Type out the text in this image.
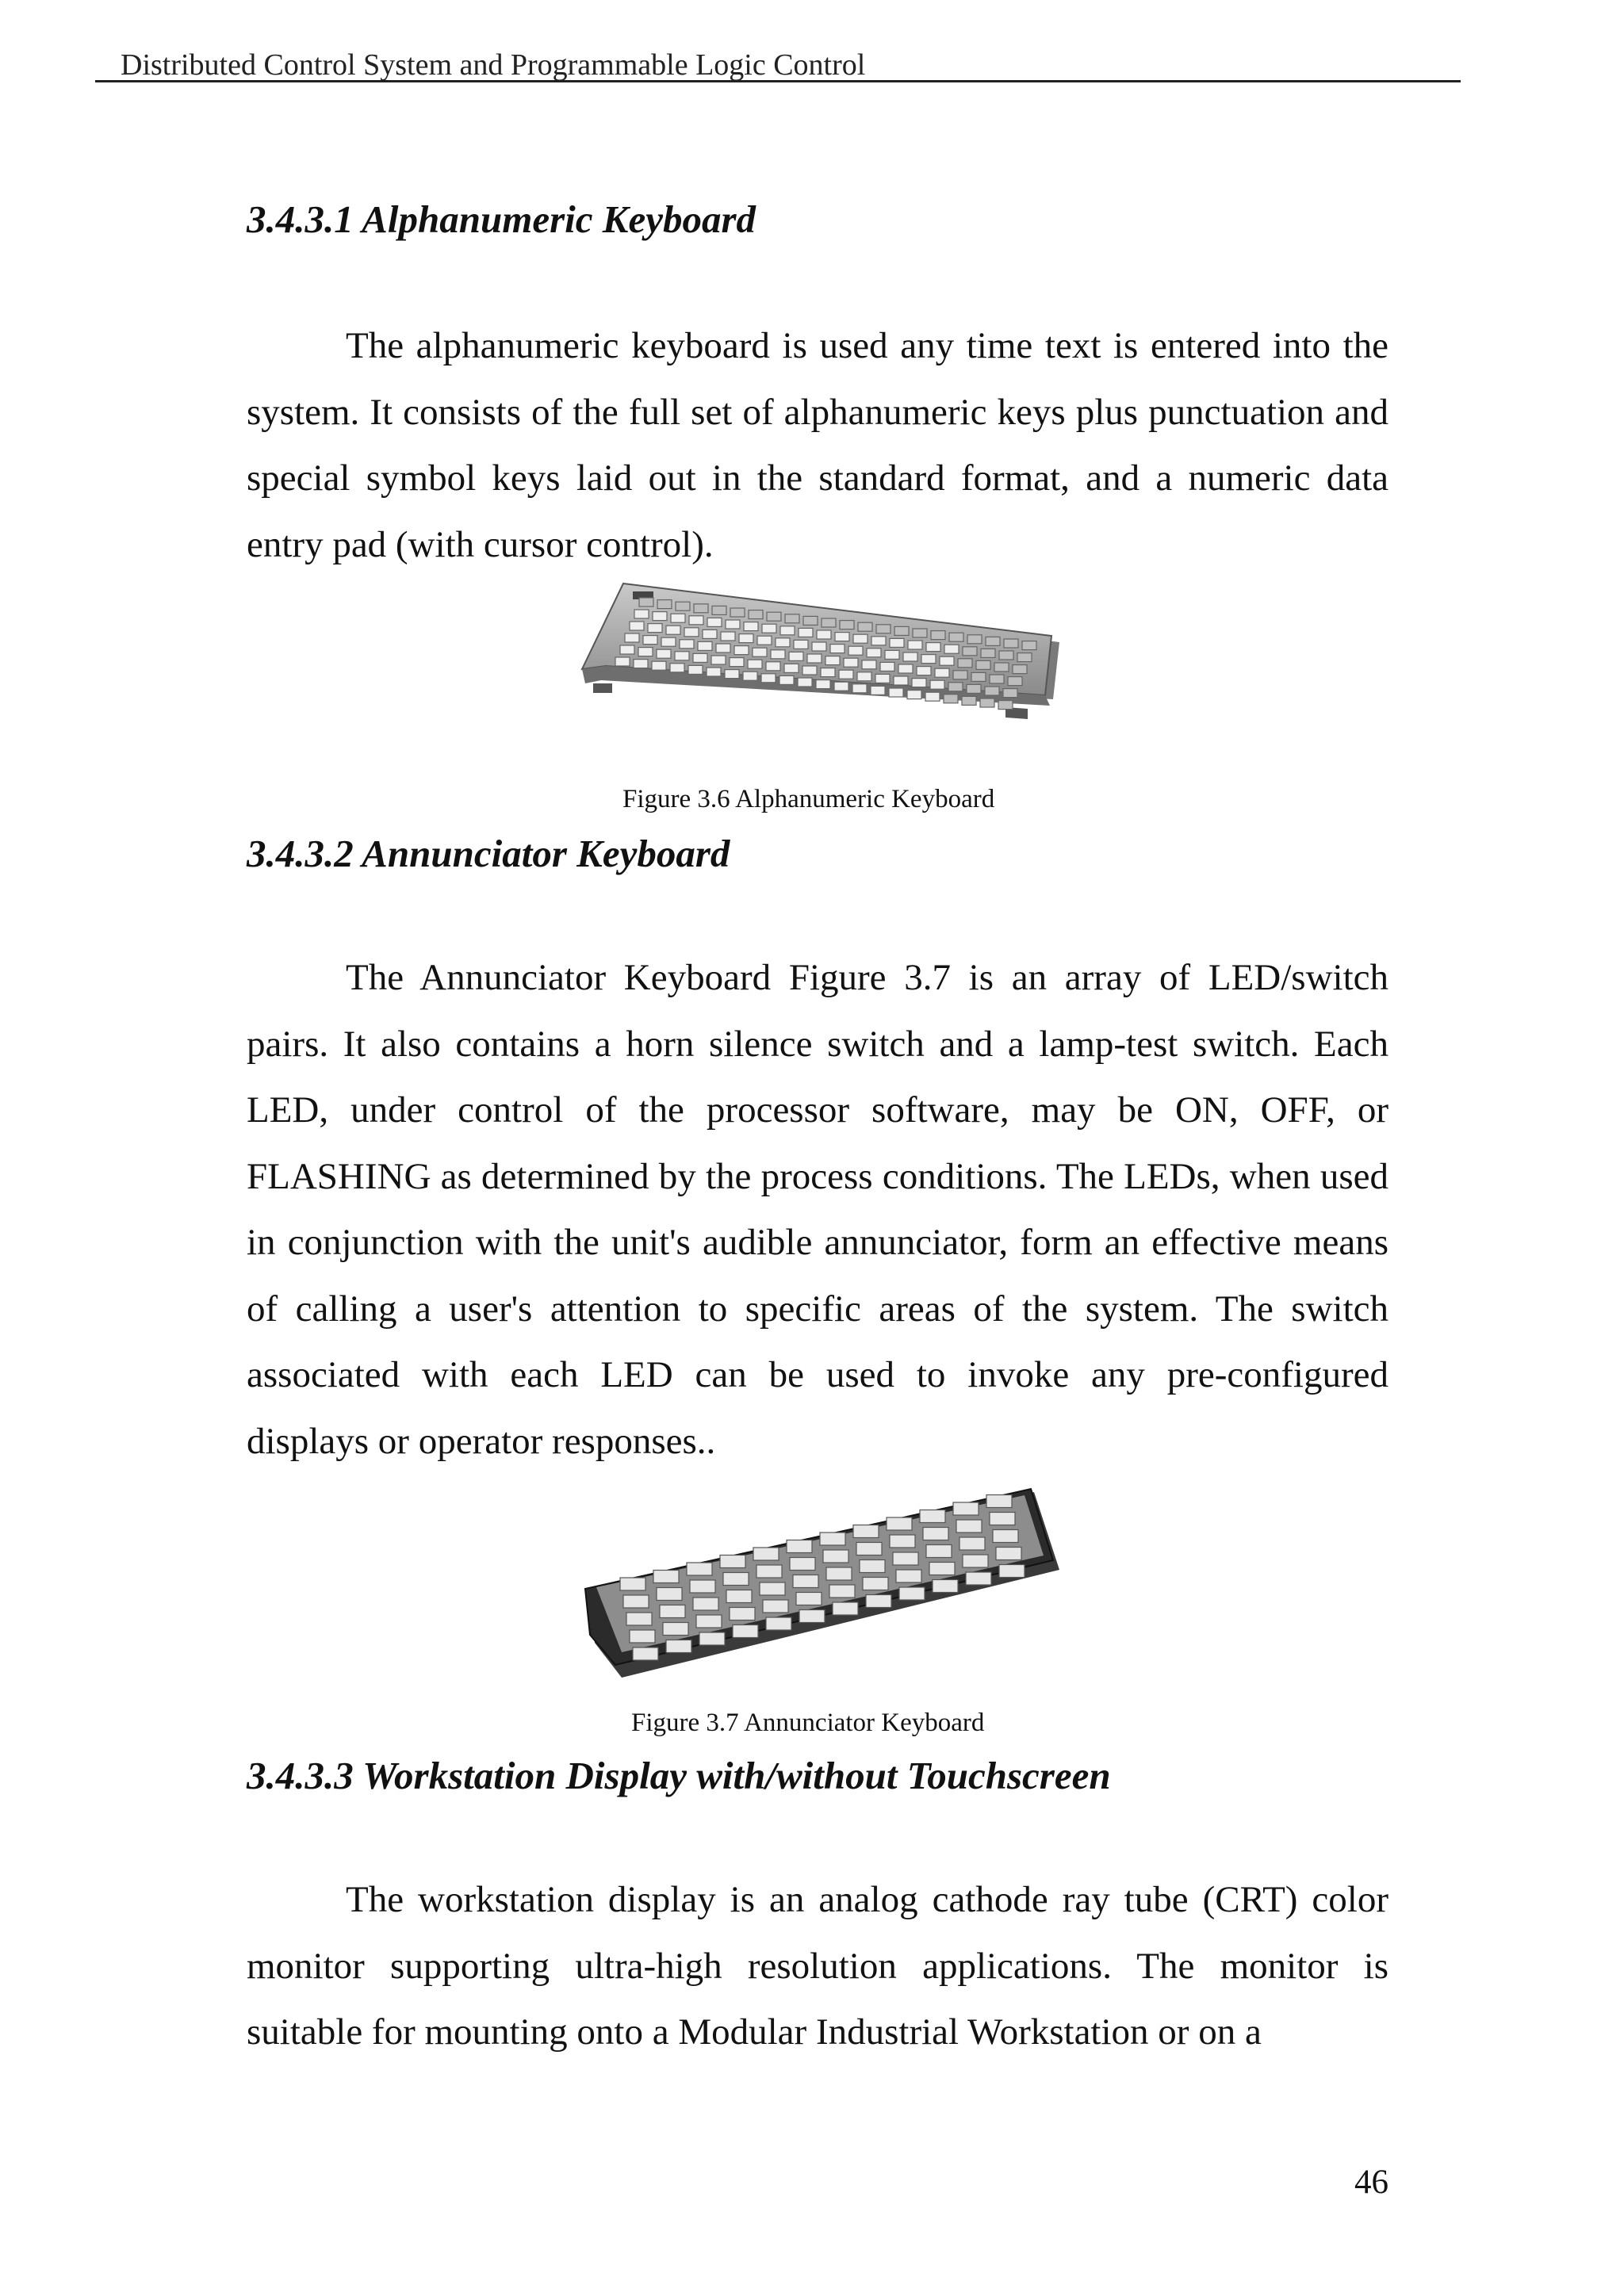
Distributed Control System and Programmable Logic Control
3.4.3.1 Alphanumeric Keyboard
The alphanumeric keyboard is used any time text is entered into the system. It consists of the full set of alphanumeric keys plus punctuation and special symbol keys laid out in the standard format, and a numeric data entry pad (with cursor control).
Figure 3.6 Alphanumeric Keyboard
3.4.3.2 Annunciator Keyboard
The Annunciator Keyboard Figure 3.7 is an array of LED/switch pairs. It also contains a horn silence switch and a lamp-test switch. Each LED, under control of the processor software, may be ON, OFF, or FLASHING as determined by the process conditions. The LEDs, when used in conjunction with the unit's audible annunciator, form an effective means of calling a user's attention to specific areas of the system. The switch associated with each LED can be used to invoke any pre-configured displays or operator responses..
Figure 3.7 Annunciator Keyboard
3.4.3.3 Workstation Display with/without Touchscreen
The workstation display is an analog cathode ray tube (CRT) color monitor supporting ultra-high resolution applications. The monitor is suitable for mounting onto a Modular Industrial Workstation or on a
46
